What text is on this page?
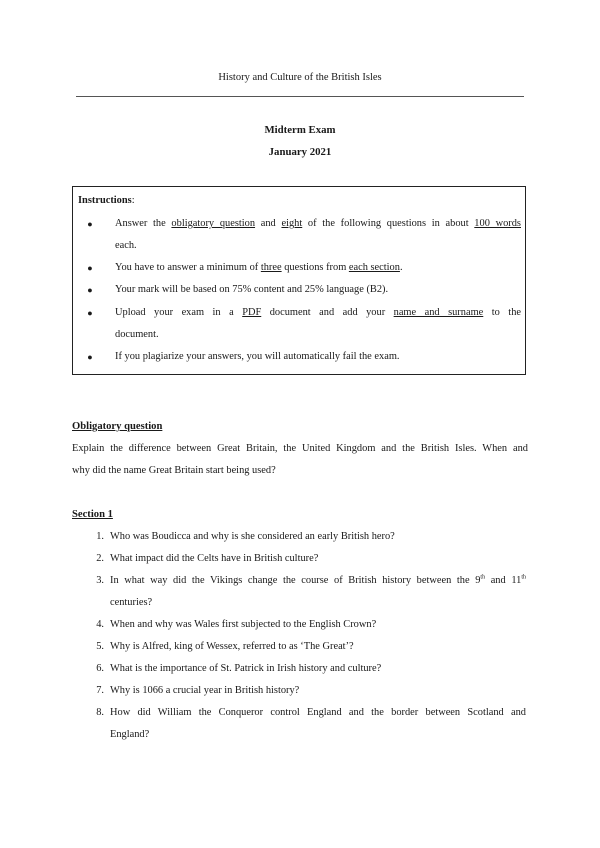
History and Culture of the British Isles
Midterm Exam
January 2021
Instructions:
● Answer the obligatory question and eight of the following questions in about 100 words
each.
● You have to answer a minimum of three questions from each section.
● Your mark will be based on 75% content and 25% language (B2).
● Upload your exam in a PDF document and add your name and surname to the
document.
● If you plagiarize your answers, you will automatically fail the exam.
Obligatory question
Explain the difference between Great Britain, the United Kingdom and the British Isles. When and
why did the name Great Britain start being used?
Section 1
1. Who was Boudicca and why is she considered an early British hero?
2. What impact did the Celts have in British culture?
3. In what way did the Vikings change the course of British history between the 9th and 11th
centuries?
4. When and why was Wales first subjected to the English Crown?
5. Why is Alfred, king of Wessex, referred to as ‘The Great’?
6. What is the importance of St. Patrick in Irish history and culture?
7. Why is 1066 a crucial year in British history?
8. How did William the Conqueror control England and the border between Scotland and
England?
